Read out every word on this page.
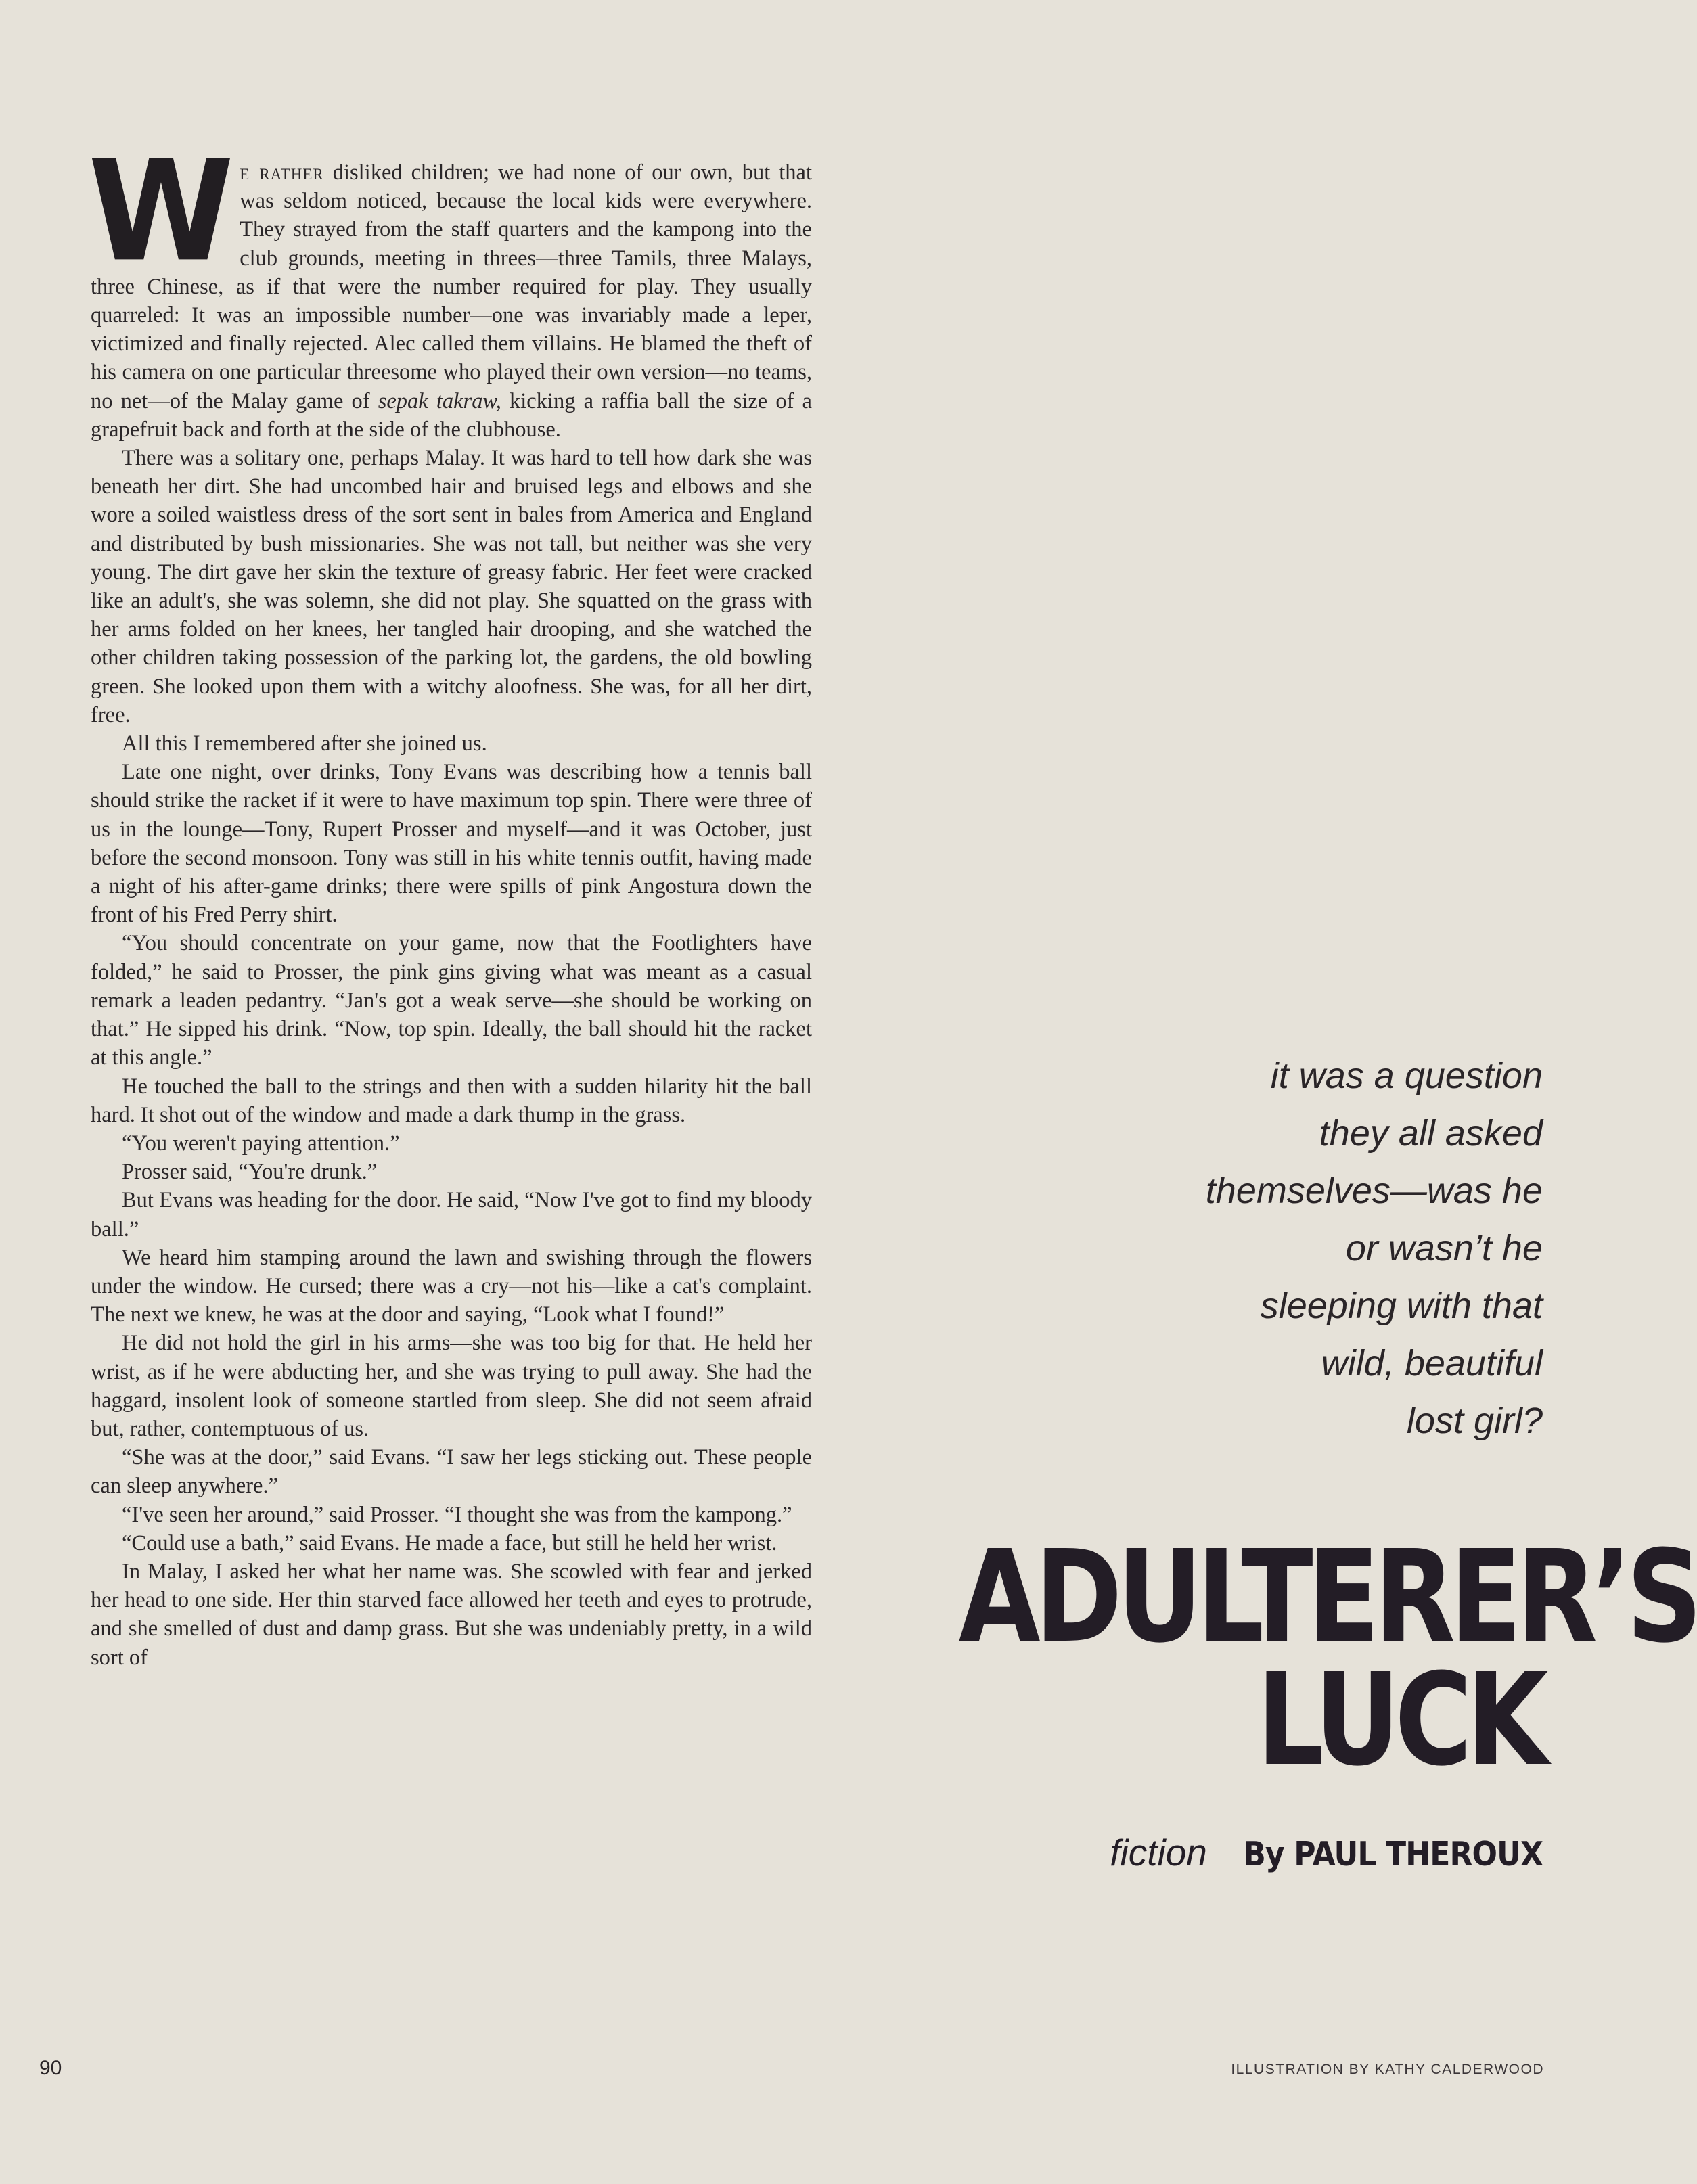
We rather disliked children; we had none of our own, but that was seldom noticed, because the local kids were everywhere. They strayed from the staff quarters and the kampong into the club grounds, meeting in threes—three Tamils, three Malays, three Chinese, as if that were the number required for play. They usually quarreled: It was an impossible number—one was invariably made a leper, victimized and finally rejected. Alec called them villains. He blamed the theft of his camera on one particular threesome who played their own version—no teams, no net—of the Malay game of sepak takraw, kicking a raffia ball the size of a grapefruit back and forth at the side of the clubhouse.

There was a solitary one, perhaps Malay. It was hard to tell how dark she was beneath her dirt. She had uncombed hair and bruised legs and elbows and she wore a soiled waistless dress of the sort sent in bales from America and England and distributed by bush missionaries. She was not tall, but neither was she very young. The dirt gave her skin the texture of greasy fabric. Her feet were cracked like an adult's, she was solemn, she did not play. She squatted on the grass with her arms folded on her knees, her tangled hair drooping, and she watched the other children taking possession of the parking lot, the gardens, the old bowling green. She looked upon them with a witchy aloofness. She was, for all her dirt, free.

All this I remembered after she joined us.

Late one night, over drinks, Tony Evans was describing how a tennis ball should strike the racket if it were to have maximum top spin. There were three of us in the lounge—Tony, Rupert Prosser and myself—and it was October, just before the second monsoon. Tony was still in his white tennis outfit, having made a night of his after-game drinks; there were spills of pink Angostura down the front of his Fred Perry shirt.

“You should concentrate on your game, now that the Footlighters have folded,” he said to Prosser, the pink gins giving what was meant as a casual remark a leaden pedantry. “Jan's got a weak serve—she should be working on that.” He sipped his drink. “Now, top spin. Ideally, the ball should hit the racket at this angle.”

He touched the ball to the strings and then with a sudden hilarity hit the ball hard. It shot out of the window and made a dark thump in the grass.

“You weren't paying attention.”

Prosser said, “You're drunk.”

But Evans was heading for the door. He said, “Now I've got to find my bloody ball.”

We heard him stamping around the lawn and swishing through the flowers under the window. He cursed; there was a cry—not his—like a cat's complaint. The next we knew, he was at the door and saying, “Look what I found!”

He did not hold the girl in his arms—she was too big for that. He held her wrist, as if he were abducting her, and she was trying to pull away. She had the haggard, insolent look of someone startled from sleep. She did not seem afraid but, rather, contemptuous of us.

“She was at the door,” said Evans. “I saw her legs sticking out. These people can sleep anywhere.”

“I've seen her around,” said Prosser. “I thought she was from the kampong.”

“Could use a bath,” said Evans. He made a face, but still he held her wrist.

In Malay, I asked her what her name was. She scowled with fear and jerked her head to one side. Her thin starved face allowed her teeth and eyes to protrude, and she smelled of dust and damp grass. But she was undeniably pretty, in a wild sort of

it was a question
they all asked
themselves—was he
or wasn’t he
sleeping with that
wild, beautiful
lost girl?
ADULTERER’S
LUCK
fiction By PAUL THEROUX
90	ILLUSTRATION BY KATHY CALDERWOOD
